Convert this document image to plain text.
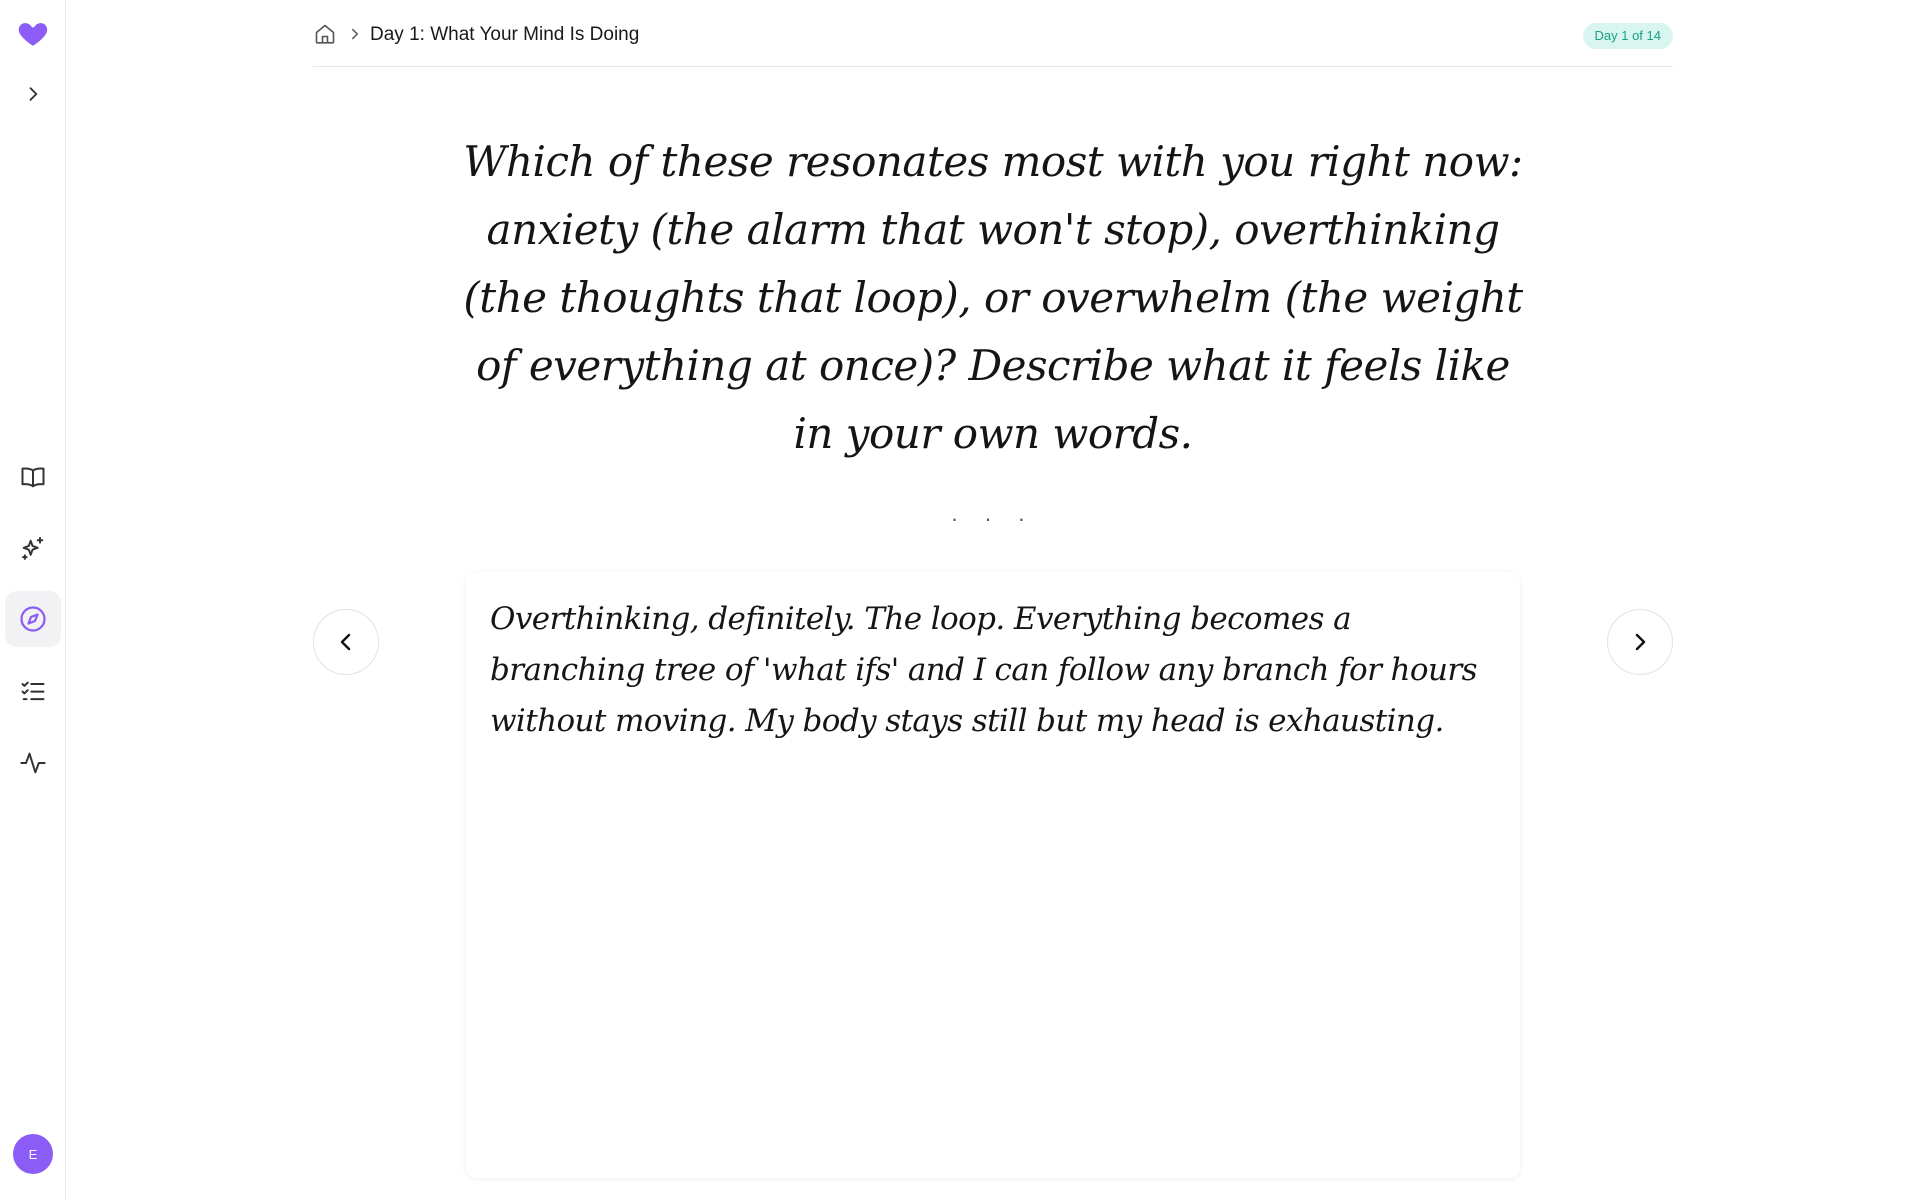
E
Day 1: What Your Mind Is Doing	Day 1 of 14
Which of these resonates most with you right now: anxiety (the alarm that won't stop), overthinking (the thoughts that loop), or overwhelm (the weight of everything at once)? Describe what it feels like in your own words.
· · ·
Overthinking, definitely. The loop. Everything becomes a branching tree of 'what ifs' and I can follow any branch for hours without moving. My body stays still but my head is exhausting.
